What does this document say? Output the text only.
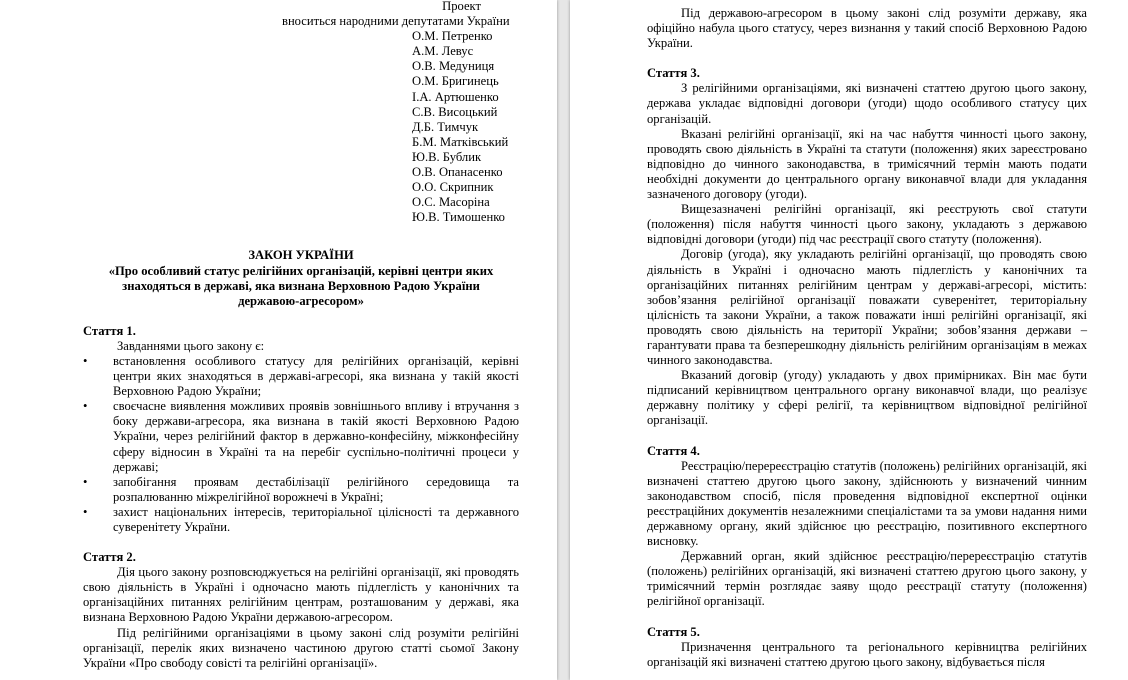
Проект
вноситься народними депутатами України
О.М. Петренко
А.М. Левус
О.В. Медуниця
О.М. Бригинець
І.А. Артюшенко
С.В. Висоцький
Д.Б. Тимчук
Б.М. Матківський
Ю.В. Бублик
О.В. Опанасенко
О.О. Скрипник
О.С. Масоріна
Ю.В. Тимошенко
ЗАКОН УКРАЇНИ
«Про особливий статус релігійних організацій, керівні центри яких знаходяться в державі, яка визнана Верховною Радою України державою-агресором»
Стаття 1.
Завданнями цього закону є:
•	встановлення особливого статусу для релігійних організацій, керівні центри яких знаходяться в державі-агресорі, яка визнана у такій якості Верховною Радою України;
•	своєчасне виявлення можливих проявів зовнішнього впливу і втручання з боку держави-агресора, яка визнана в такій якості Верховною Радою України, через релігійний фактор в державно-конфесійну, міжконфесійну сферу відносин в Україні та на перебіг суспільно-політичні процеси у державі;
•	запобігання проявам дестабілізації релігійного середовища та розпалюванню міжрелігійної ворожнечі в Україні;
•	захист національних інтересів, територіальної цілісності та державного суверенітету України.
Стаття 2.
Дія цього закону розповсюджується на релігійні організації, які проводять свою діяльність в Україні і одночасно мають підлеглість у канонічних та організаційних питаннях релігійним центрам, розташованим у державі, яка визнана Верховною Радою України державою-агресором.
Під релігійними організаціями в цьому законі слід розуміти релігійні організації, перелік яких визначено частиною другою статті сьомої Закону України «Про свободу совісті та релігійні організації».
Під державою-агресором в цьому законі слід розуміти державу, яка офіційно набула цього статусу, через визнання у такий спосіб Верховною Радою України.
Стаття 3.
З релігійними організаціями, які визначені статтею другою цього закону, держава укладає відповідні договори (угоди) щодо особливого статусу цих організацій.
Вказані релігійні організації, які на час набуття чинності цього закону, проводять свою діяльність в Україні та статути (положення) яких зареєстровано відповідно до чинного законодавства, в тримісячний термін мають подати необхідні документи до центрального органу виконавчої влади для укладання зазначеного договору (угоди).
Вищезазначені релігійні організації, які реєструють свої статути (положення) після набуття чинності цього закону, укладають з державою відповідні договори (угоди) під час реєстрації свого статуту (положення).
Договір (угода), яку укладають релігійні організації, що проводять свою діяльність в Україні і одночасно мають підлеглість у канонічних та організаційних питаннях релігійним центрам у державі-агресорі, містить: зобов’язання релігійної організації поважати суверенітет, територіальну цілісність та закони України, а також поважати інші релігійні організації, які проводять свою діяльність на території України; зобов’язання держави – гарантувати права та безперешкодну діяльність релігійним організаціям в межах чинного законодавства.
Вказаний договір (угоду) укладають у двох примірниках. Він має бути підписаний керівництвом центрального органу виконавчої влади, що реалізує державну політику у сфері релігії, та керівництвом відповідної релігійної організації.
Стаття 4.
Реєстрацію/перереєстрацію статутів (положень) релігійних організацій, які визначені статтею другою цього закону, здійснюють у визначений чинним законодавством спосіб, після проведення відповідної експертної оцінки реєстраційних документів незалежними спеціалістами та за умови надання ними державному органу, який здійснює цю реєстрацію, позитивного експертного висновку.
Державний орган, який здійснює реєстрацію/перереєстрацію статутів (положень) релігійних організацій, які визначені статтею другою цього закону, у тримісячний термін розглядає заяву щодо реєстрації статуту (положення) релігійної організації.
Стаття 5.
Призначення центрального та регіонального керівництва релігійних організацій які визначені статтею другою цього закону, відбувається після
